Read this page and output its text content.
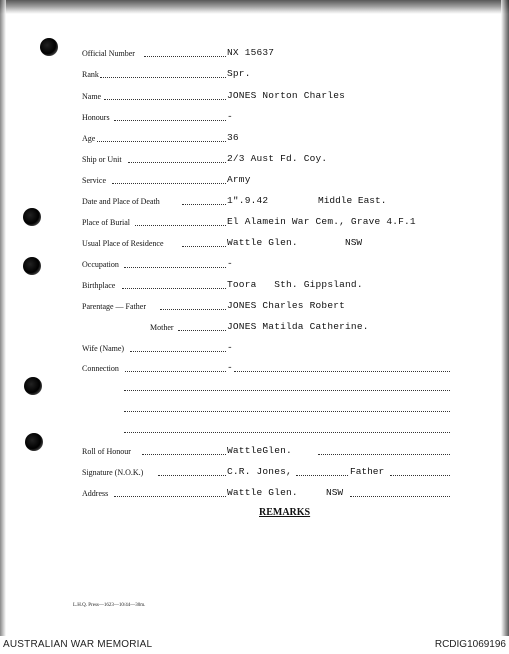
Official Number	NX 15637
Rank	Spr.
Name	JONES Norton Charles
Honours	-
Age	36
Ship or Unit	2/3 Aust Fd. Coy.
Service	Army
Date and Place of Death	1".9.42	Middle East.
Place of Burial	El Alamein War Cem., Grave 4.F.1
Usual Place of Residence	Wattle Glen.	NSW
Occupation	-
Birthplace	Toora   Sth. Gippsland.
Parentage — Father	JONES Charles Robert
Mother	JONES Matilda Catherine.
Wife (Name)	-
Connection	-
Roll of Honour	WattleGlen.
Signature (N.O.K.)	C.R. Jones,	Father
Address	Wattle Glen.	NSW
REMARKS
L.H.Q. Press—1623—10/44—30m.
AUSTRALIAN WAR MEMORIAL	RCDIG1069196
